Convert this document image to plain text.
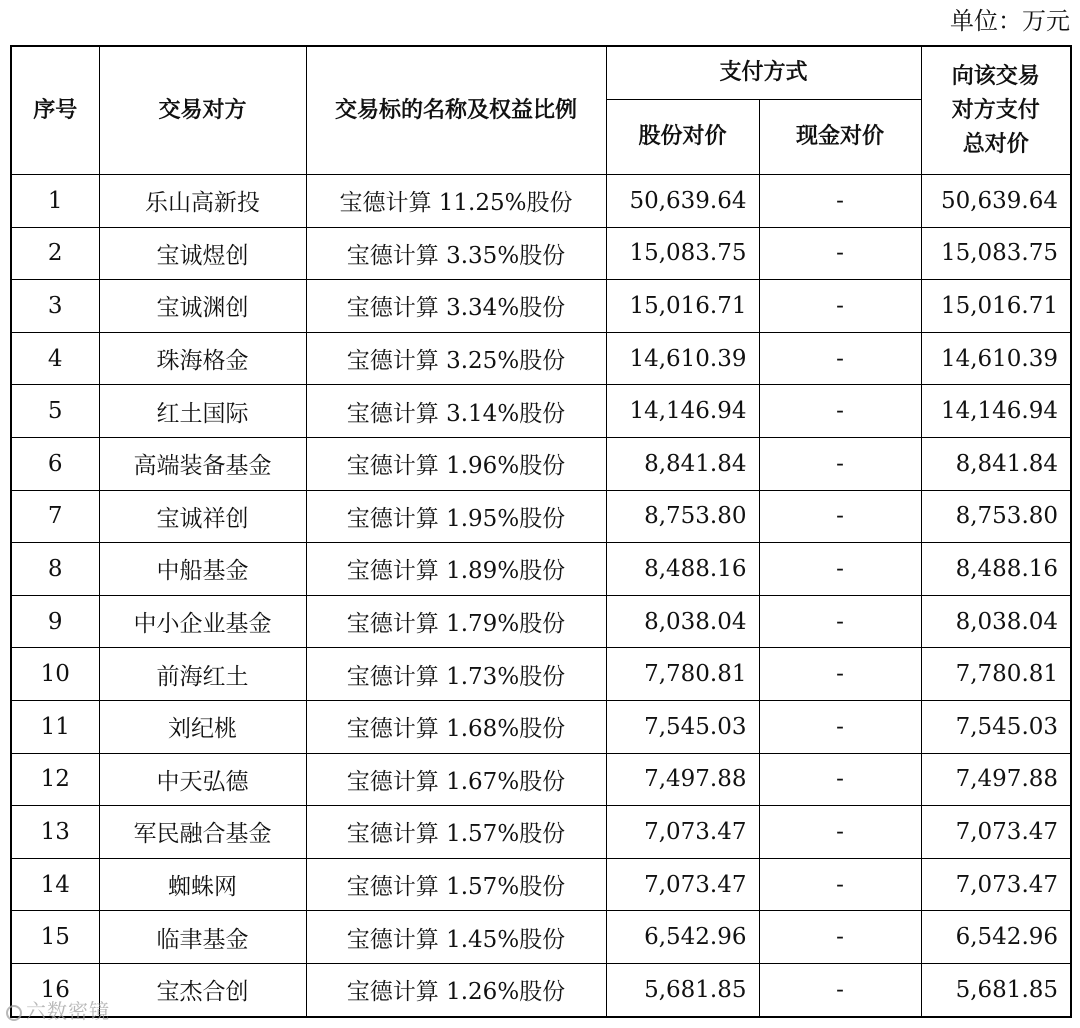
单位：万元
序号	交易对方	交易标的名称及权益比例	支付方式		向该交易对方支付总对价
			股份对价	现金对价	
1	乐山高新投	宝德计算 11.25%股份	50,639.64	-	50,639.64
2	宝诚煜创	宝德计算 3.35%股份	15,083.75	-	15,083.75
3	宝诚渊创	宝德计算 3.34%股份	15,016.71	-	15,016.71
4	珠海格金	宝德计算 3.25%股份	14,610.39	-	14,610.39
5	红土国际	宝德计算 3.14%股份	14,146.94	-	14,146.94
6	高端装备基金	宝德计算 1.96%股份	8,841.84	-	8,841.84
7	宝诚祥创	宝德计算 1.95%股份	8,753.80	-	8,753.80
8	中船基金	宝德计算 1.89%股份	8,488.16	-	8,488.16
9	中小企业基金	宝德计算 1.79%股份	8,038.04	-	8,038.04
10	前海红土	宝德计算 1.73%股份	7,780.81	-	7,780.81
11	刘纪桃	宝德计算 1.68%股份	7,545.03	-	7,545.03
12	中天弘德	宝德计算 1.67%股份	7,497.88	-	7,497.88
13	军民融合基金	宝德计算 1.57%股份	7,073.47	-	7,073.47
14	蜘蛛网	宝德计算 1.57%股份	7,073.47	-	7,073.47
15	临聿基金	宝德计算 1.45%股份	6,542.96	-	6,542.96
16	宝杰合创	宝德计算 1.26%股份	5,681.85	-	5,681.85
六数密镜
